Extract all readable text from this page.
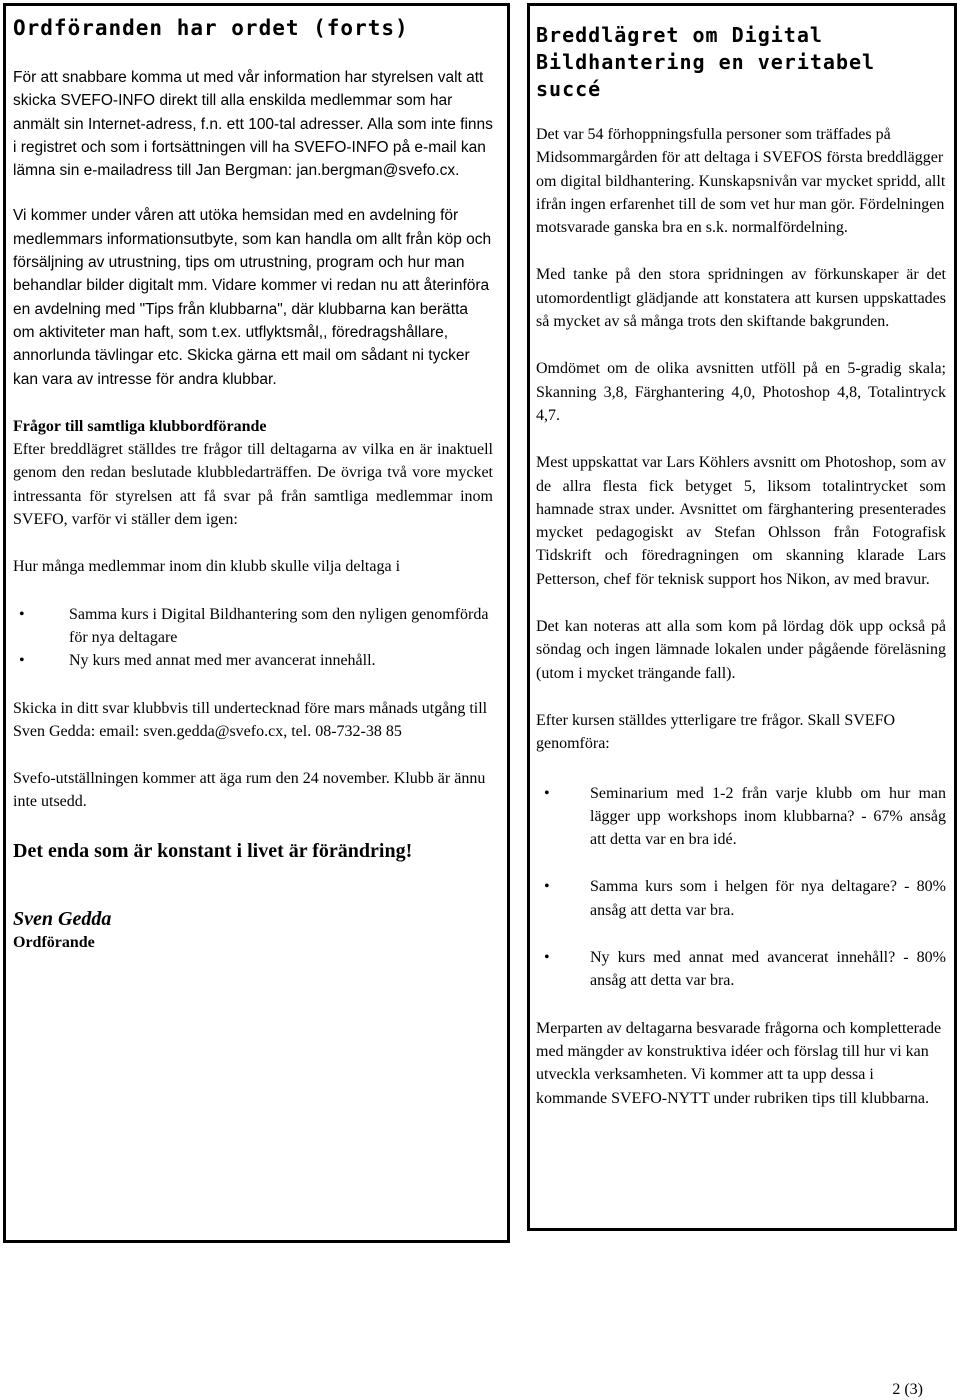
Ordföranden har ordet (forts)

För att snabbare komma ut med vår information har styrelsen valt att skicka SVEFO-INFO direkt till alla enskilda medlemmar som har anmält sin Internet-adress, f.n. ett 100-tal adresser. Alla som inte finns i registret och som i fortsättningen vill ha SVEFO-INFO på e-mail kan lämna sin e-mailadress till Jan Bergman: jan.bergman@svefo.cx.

Vi kommer under våren att utöka hemsidan med en avdelning för medlemmars informationsutbyte, som kan handla om allt från köp och försäljning av utrustning, tips om utrustning, program och hur man behandlar bilder digitalt mm. Vidare kommer vi redan nu att återinföra en avdelning med "Tips från klubbarna", där klubbarna kan berätta om aktiviteter man haft, som t.ex. utflyktsmål,, föredragshållare, annorlunda tävlingar etc. Skicka gärna ett mail om sådant ni tycker kan vara av intresse för andra klubbar.

Frågor till samtliga klubbordförande

Efter breddlägret ställdes tre frågor till deltagarna av vilka en är inaktuell genom den redan beslutade klubbledarträffen. De övriga två vore mycket intressanta för styrelsen att få svar på från samtliga medlemmar inom SVEFO, varför vi ställer dem igen:

Hur många medlemmar inom din klubb skulle vilja deltaga i

•	Samma kurs i Digital Bildhantering som den nyligen genomförda för nya deltagare
•	Ny kurs med annat med mer avancerat innehåll.

Skicka in ditt svar klubbvis till undertecknad före mars månads utgång till Sven Gedda: email: sven.gedda@svefo.cx, tel. 08-732-38 85

Svefo-utställningen kommer att äga rum den 24 november. Klubb är ännu inte utsedd.

Det enda som är konstant i livet är förändring!

Sven Gedda

Ordförande

Breddlägret om Digital Bildhantering en veritabel succé

Det var 54 förhoppningsfulla personer som träffades på Midsommargården för att deltaga i SVEFOS första breddlägger om digital bildhantering. Kunskapsnivån var mycket spridd, allt ifrån ingen erfarenhet till de som vet hur man gör. Fördelningen motsvarade ganska bra en s.k. normalfördelning.

Med tanke på den stora spridningen av förkunskaper är det utomordentligt glädjande att konstatera att kursen uppskattades så mycket av så många trots den skiftande bakgrunden.

Omdömet om de olika avsnitten utföll på en 5-gradig skala; Skanning 3,8, Färghantering 4,0, Photoshop 4,8, Totalintryck 4,7.

Mest uppskattat var Lars Köhlers avsnitt om Photoshop, som av de allra flesta fick betyget 5, liksom totalintrycket som hamnade strax under. Avsnittet om färghantering presenterades mycket pedagogiskt av Stefan Ohlsson från Fotografisk Tidskrift och föredragningen om skanning klarade Lars Petterson, chef för teknisk support hos Nikon, av med bravur.

Det kan noteras att alla som kom på lördag dök upp också på söndag och ingen lämnade lokalen under pågående föreläsning (utom i mycket trängande fall).

Efter kursen ställdes ytterligare tre frågor. Skall SVEFO genomföra:

•	Seminarium med 1-2 från varje klubb om hur man lägger upp workshops inom klubbarna? - 67% ansåg att detta var en bra idé.
•	Samma kurs som i helgen för nya deltagare? - 80% ansåg att detta var bra.
•	Ny kurs med annat med avancerat innehåll? - 80% ansåg att detta var bra.

Merparten av deltagarna besvarade frågorna och kompletterade med mängder av konstruktiva idéer och förslag till hur vi kan utveckla verksamheten. Vi kommer att ta upp dessa i kommande SVEFO-NYTT under rubriken tips till klubbarna.

2 (3)
